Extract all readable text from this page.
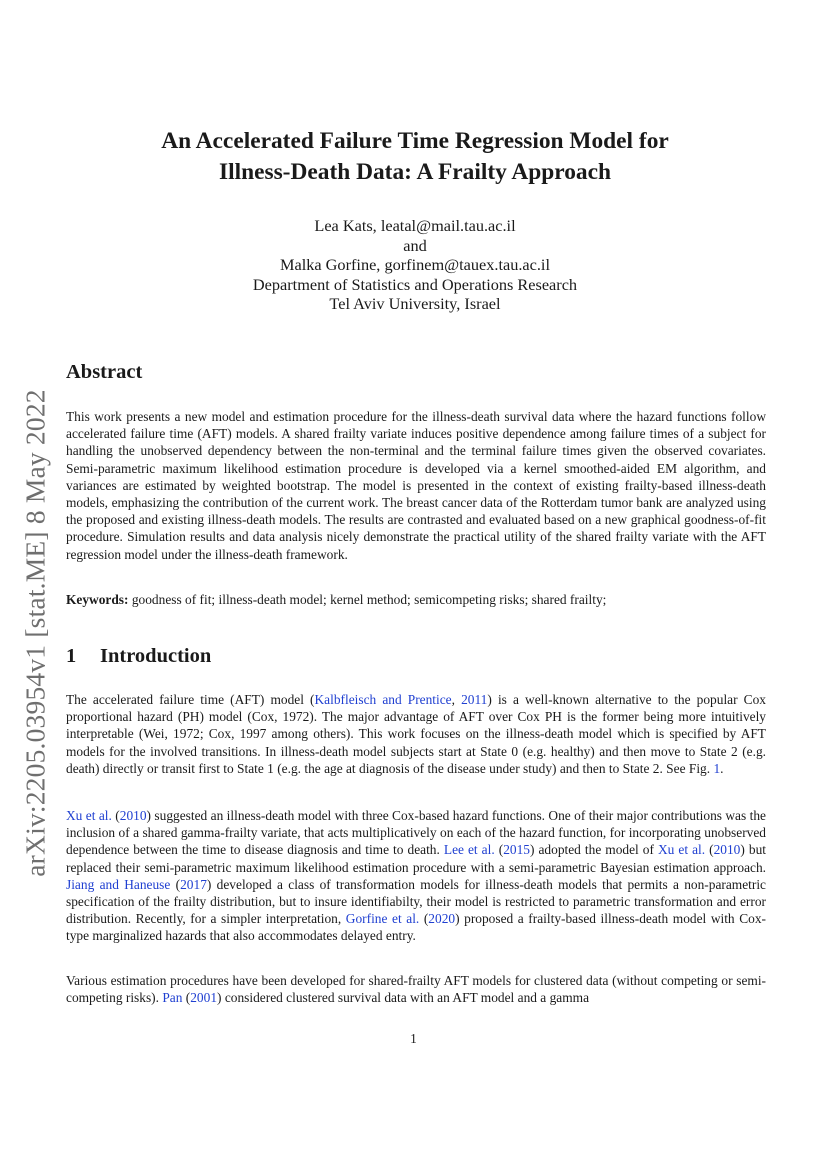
arXiv:2205.03954v1 [stat.ME] 8 May 2022
An Accelerated Failure Time Regression Model for
Illness-Death Data: A Frailty Approach
Lea Kats, leatal@mail.tau.ac.il
and
Malka Gorfine, gorfinem@tauex.tau.ac.il
Department of Statistics and Operations Research
Tel Aviv University, Israel
Abstract

This work presents a new model and estimation procedure for the illness-death survival data where the hazard functions follow accelerated failure time (AFT) models. A shared frailty variate induces positive dependence among failure times of a subject for handling the unobserved dependency between the non-terminal and the terminal failure times given the observed covariates. Semi-parametric maximum likelihood estimation procedure is developed via a kernel smoothed-aided EM algorithm, and variances are estimated by weighted bootstrap. The model is presented in the context of existing frailty-based illness-death models, emphasizing the contribution of the current work. The breast cancer data of the Rotterdam tumor bank are analyzed using the proposed and existing illness-death models. The results are contrasted and evaluated based on a new graphical goodness-of-fit procedure. Simulation results and data analysis nicely demonstrate the practical utility of the shared frailty variate with the AFT regression model under the illness-death framework.

Keywords: goodness of fit; illness-death model; kernel method; semicompeting risks; shared frailty;

1 Introduction

The accelerated failure time (AFT) model (Kalbfleisch and Prentice, 2011) is a well-known alternative to the popular Cox proportional hazard (PH) model (Cox, 1972). The major advantage of AFT over Cox PH is the former being more intuitively interpretable (Wei, 1972; Cox, 1997 among others). This work focuses on the illness-death model which is specified by AFT models for the involved transitions. In illness-death model subjects start at State 0 (e.g. healthy) and then move to State 2 (e.g. death) directly or transit first to State 1 (e.g. the age at diagnosis of the disease under study) and then to State 2. See Fig. 1.

Xu et al. (2010) suggested an illness-death model with three Cox-based hazard functions. One of their major contributions was the inclusion of a shared gamma-frailty variate, that acts multiplicatively on each of the hazard function, for incorporating unobserved dependence between the time to disease diagnosis and time to death. Lee et al. (2015) adopted the model of Xu et al. (2010) but replaced their semi-parametric maximum likelihood estimation procedure with a semi-parametric Bayesian estimation approach. Jiang and Haneuse (2017) developed a class of transformation models for illness-death models that permits a non-parametric specification of the frailty distribution, but to insure identifiabilty, their model is restricted to parametric transformation and error distribution. Recently, for a simpler interpretation, Gorfine et al. (2020) proposed a frailty-based illness-death model with Cox-type marginalized hazards that also accommodates delayed entry.

Various estimation procedures have been developed for shared-frailty AFT models for clustered data (without competing or semi-competing risks). Pan (2001) considered clustered survival data with an AFT model and a gamma

1
